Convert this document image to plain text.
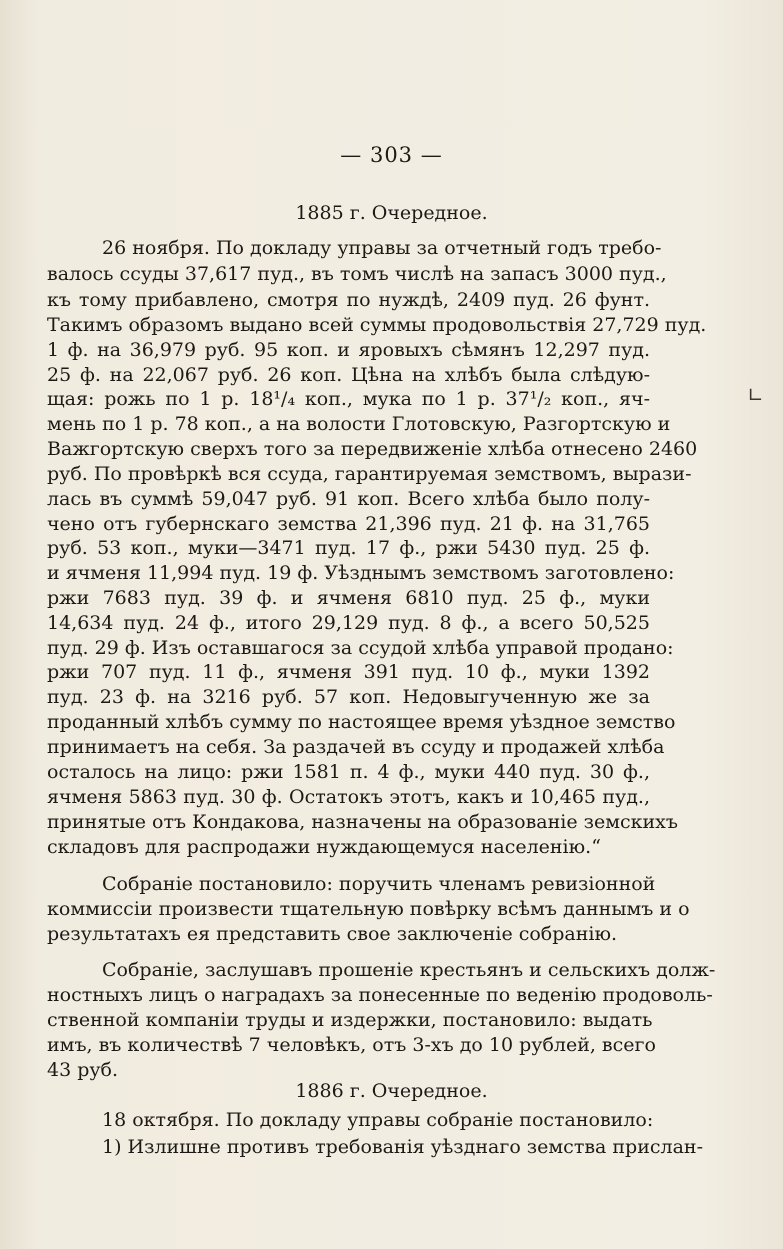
— 303 —
1885 г. Очередное.
26 ноября. По докладу управы за отчетный годъ требо-
валось ссуды 37,617 пуд., въ томъ числѣ на запасъ 3000 пуд.,
къ тому прибавлено, смотря по нуждѣ, 2409 пуд. 26 фунт.
Такимъ образомъ выдано всей суммы продовольствія 27,729 пуд.
1 ф. на 36,979 руб. 95 коп. и яровыхъ сѣмянъ 12,297 пуд.
25 ф. на 22,067 руб. 26 коп. Цѣна на хлѣбъ была слѣдую-
щая: рожь по 1 р. 18¹/₄ коп., мука по 1 р. 37¹/₂ коп., яч-
мень по 1 р. 78 коп., а на волости Глотовскую, Разгортскую и
Важгортскую сверхъ того за передвиженіе хлѣба отнесено 2460
руб. По провѣркѣ вся ссуда, гарантируемая земствомъ, вырази-
лась въ суммѣ 59,047 руб. 91 коп. Всего хлѣба было полу-
чено отъ губернскаго земства 21,396 пуд. 21 ф. на 31,765
руб. 53 коп., муки—3471 пуд. 17 ф., ржи 5430 пуд. 25 ф.
и ячменя 11,994 пуд. 19 ф. Уѣзднымъ земствомъ заготовлено:
ржи 7683 пуд. 39 ф. и ячменя 6810 пуд. 25 ф., муки
14,634 пуд. 24 ф., итого 29,129 пуд. 8 ф., а всего 50,525
пуд. 29 ф. Изъ оставшагося за ссудой хлѣба управой продано:
ржи 707 пуд. 11 ф., ячменя 391 пуд. 10 ф., муки 1392
пуд. 23 ф. на 3216 руб. 57 коп. Недовыгученную же за
проданный хлѣбъ сумму по настоящее время уѣздное земство
принимаетъ на себя. За раздачей въ ссуду и продажей хлѣба
осталось на лицо: ржи 1581 п. 4 ф., муки 440 пуд. 30 ф.,
ячменя 5863 пуд. 30 ф. Остатокъ этотъ, какъ и 10,465 пуд.,
принятые отъ Кондакова, назначены на образованіе земскихъ
складовъ для распродажи нуждающемуся населенію.“
Собраніе постановило: поручить членамъ ревизіонной
коммиссіи произвести тщательную повѣрку всѣмъ даннымъ и о
результатахъ ея представить свое заключеніе собранію.
Собраніе, заслушавъ прошеніе крестьянъ и сельскихъ долж-
ностныхъ лицъ о наградахъ за понесенные по веденію продоволь-
ственной компаніи труды и издержки, постановило: выдать
имъ, въ количествѣ 7 человѣкъ, отъ 3-хъ до 10 рублей, всего
43 руб.
1886 г. Очередное.
18 октября. По докладу управы собраніе постановило:
1) Излишне противъ требованія уѣзднаго земства прислан-
∟
